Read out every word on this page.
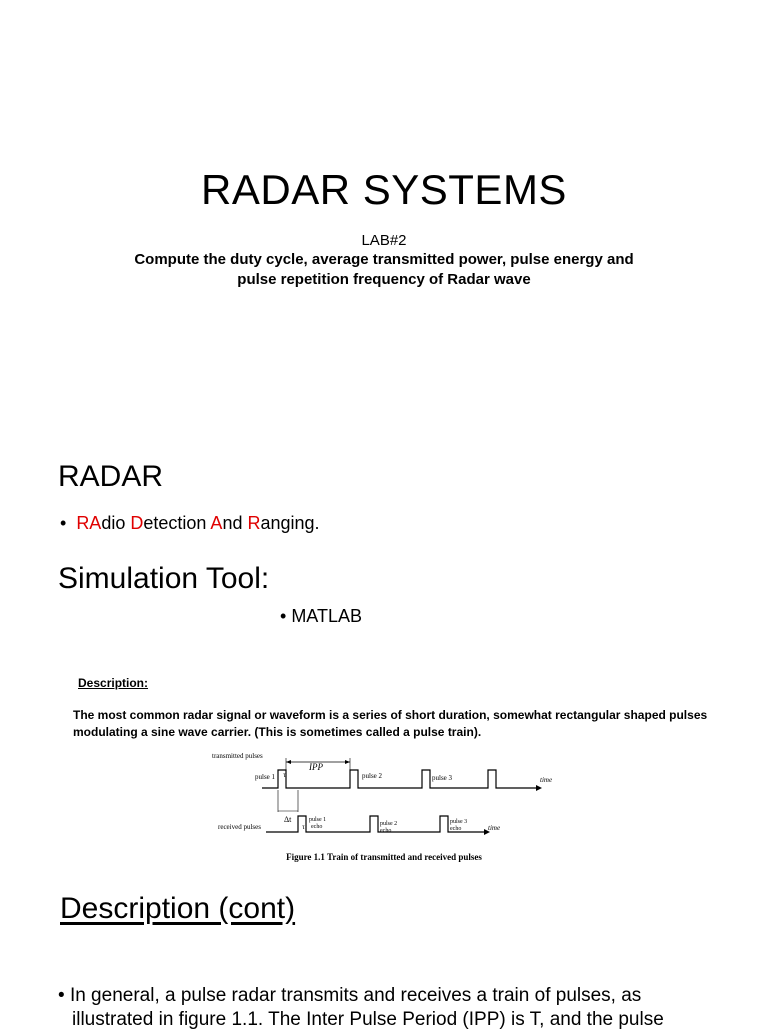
RADAR SYSTEMS
LAB#2
Compute the duty cycle, average transmitted power, pulse energy and
pulse repetition frequency of Radar wave
RADAR
•  RAdio Detection And Ranging.
Simulation Tool:
• MATLAB
Description:
The most common radar signal or waveform is a series of short duration, somewhat rectangular shaped pulses modulating a sine wave carrier. (This is sometimes called a pulse train).
transmitted pulses
received pulses
pulse 1	pulse 2	pulse 3	time
time
IPP
τ
τ
Δt	pulse 1
echo	pulse 2
echo
pulse 3
echo
Figure 1.1 Train of transmitted and received pulses
Description (cont)
• In general, a pulse radar transmits and receives a train of pulses, as
illustrated in figure 1.1. The Inter Pulse Period (IPP) is T, and the pulse
